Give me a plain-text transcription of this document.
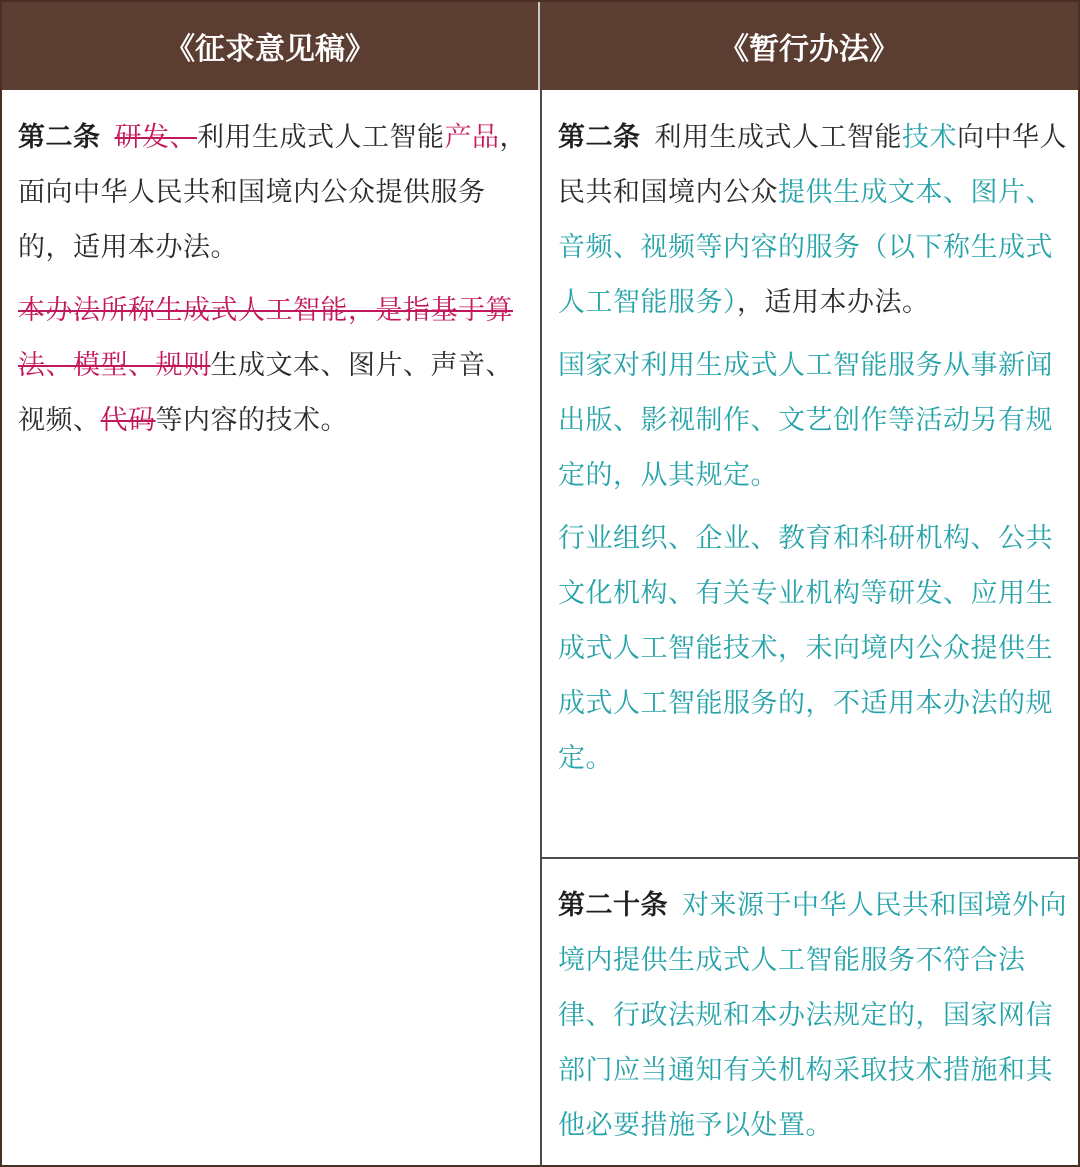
《征求意见稿》	《暂行办法》

第二条 研发、利用生成式人工智能产品，面向中华人民共和国境内公众提供服务的，适用本办法。

本办法所称生成式人工智能，是指基于算法、模型、规则生成文本、图片、声音、视频、代码等内容的技术。

第二条 利用生成式人工智能技术向中华人民共和国境内公众提供生成文本、图片、音频、视频等内容的服务（以下称生成式人工智能服务），适用本办法。

国家对利用生成式人工智能服务从事新闻出版、影视制作、文艺创作等活动另有规定的，从其规定。

行业组织、企业、教育和科研机构、公共文化机构、有关专业机构等研发、应用生成式人工智能技术，未向境内公众提供生成式人工智能服务的，不适用本办法的规定。

第二十条 对来源于中华人民共和国境外向境内提供生成式人工智能服务不符合法律、行政法规和本办法规定的，国家网信部门应当通知有关机构采取技术措施和其他必要措施予以处置。
